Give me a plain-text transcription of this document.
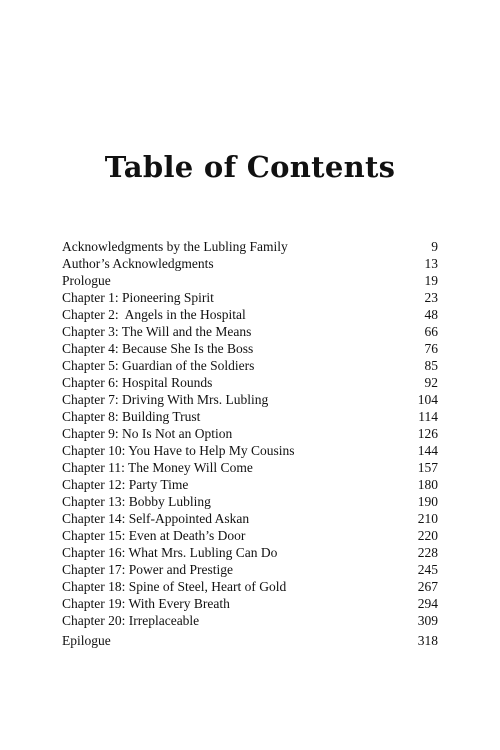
Table of Contents
Acknowledgments by the Lubling Family	9
Author’s Acknowledgments	13
Prologue	19
Chapter 1: Pioneering Spirit	23
Chapter 2:  Angels in the Hospital	48
Chapter 3: The Will and the Means	66
Chapter 4: Because She Is the Boss	76
Chapter 5: Guardian of the Soldiers	85
Chapter 6: Hospital Rounds	92
Chapter 7: Driving With Mrs. Lubling	104
Chapter 8: Building Trust	114
Chapter 9: No Is Not an Option	126
Chapter 10: You Have to Help My Cousins	144
Chapter 11: The Money Will Come	157
Chapter 12: Party Time	180
Chapter 13: Bobby Lubling	190
Chapter 14: Self-Appointed Askan	210
Chapter 15: Even at Death’s Door	220
Chapter 16: What Mrs. Lubling Can Do	228
Chapter 17: Power and Prestige	245
Chapter 18: Spine of Steel, Heart of Gold	267
Chapter 19: With Every Breath	294
Chapter 20: Irreplaceable	309
Epilogue	318
